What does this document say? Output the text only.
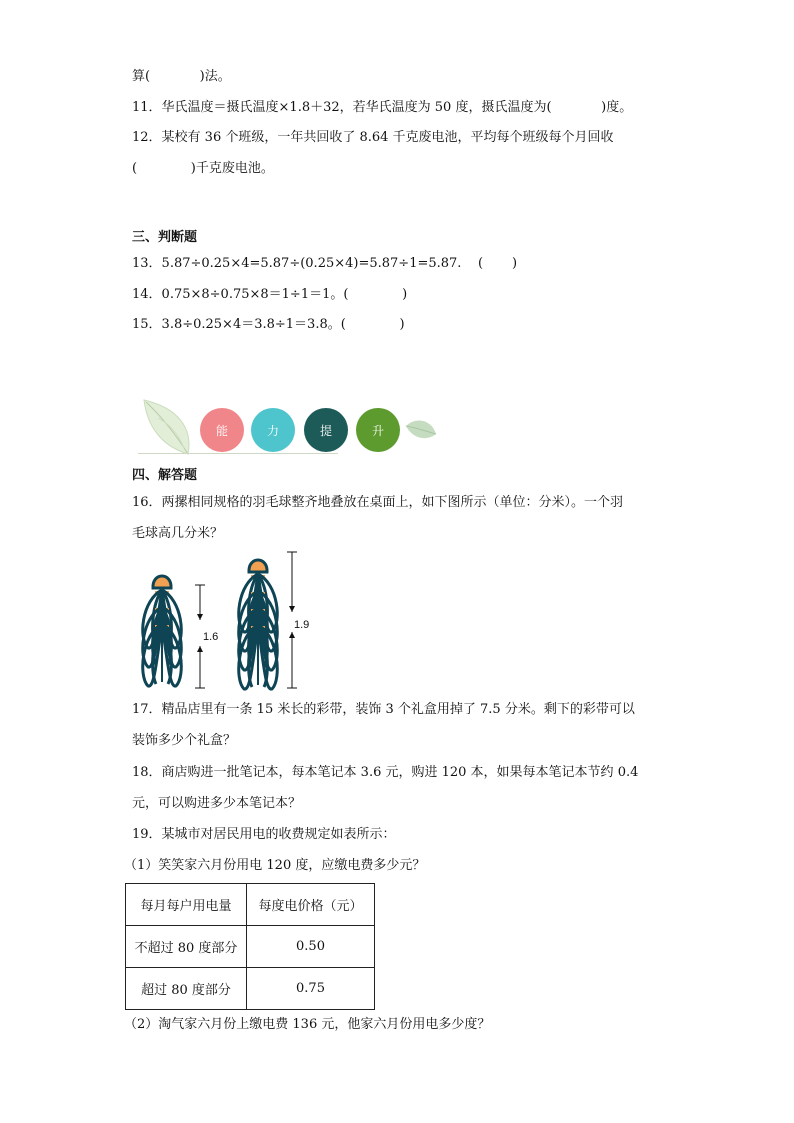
算(            )法。
11．华氏温度＝摄氏温度×1.8＋32，若华氏温度为 50 度，摄氏温度为(            )度。
12．某校有 36 个班级，一年共回收了 8.64 千克废电池，平均每个班级每个月回收
(             )千克废电池。
三、判断题
13．5.87÷0.25×4=5.87÷(0.25×4)=5.87÷1=5.87.    (       )
14．0.75×8÷0.75×8＝1÷1＝1。(             )
15．3.8÷0.25×4＝3.8÷1＝3.8。(             )
能	力	提	升
四、解答题
16．两摞相同规格的羽毛球整齐地叠放在桌面上，如下图所示（单位：分米）。一个羽
毛球高几分米？
1.6
1.9
17．精品店里有一条 15 米长的彩带，装饰 3 个礼盒用掉了 7.5 分米。剩下的彩带可以
装饰多少个礼盒？
18．商店购进一批笔记本，每本笔记本 3.6 元，购进 120 本，如果每本笔记本节约 0.4
元，可以购进多少本笔记本？
19．某城市对居民用电的收费规定如表所示：
（1）笑笑家六月份用电 120 度，应缴电费多少元？
每月每户用电量	每度电价格（元）
不超过 80 度部分	0.50
超过 80 度部分	0.75
（2）淘气家六月份上缴电费 136 元，他家六月份用电多少度？
